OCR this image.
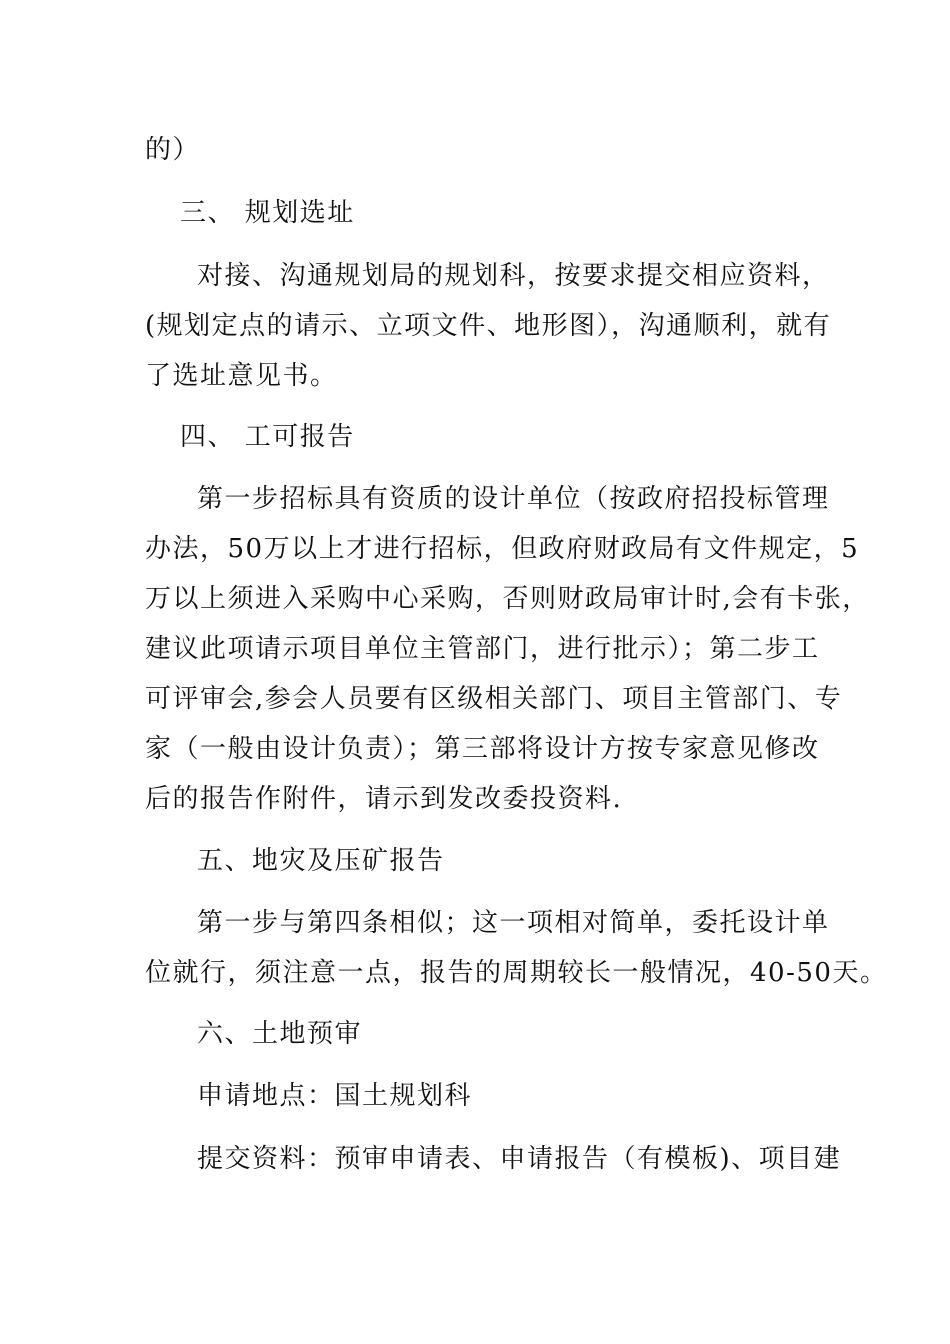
的）
三、 规划选址
对接、沟通规划局的规划科，按要求提交相应资料，
(规划定点的请示、立项文件、地形图），沟通顺利，就有
了选址意见书。
四、 工可报告
第一步招标具有资质的设计单位（按政府招投标管理
办法，50万以上才进行招标，但政府财政局有文件规定，5
万以上须进入采购中心采购，否则财政局审计时,会有卡张，
建议此项请示项目单位主管部门，进行批示）；第二步工
可评审会,参会人员要有区级相关部门、项目主管部门、专
家（一般由设计负责）；第三部将设计方按专家意见修改
后的报告作附件，请示到发改委投资料.
五、地灾及压矿报告
第一步与第四条相似；这一项相对简单，委托设计单
位就行，须注意一点，报告的周期较长一般情况，40-50天。
六、土地预审
申请地点：国土规划科
提交资料：预审申请表、申请报告（有模板)、项目建
